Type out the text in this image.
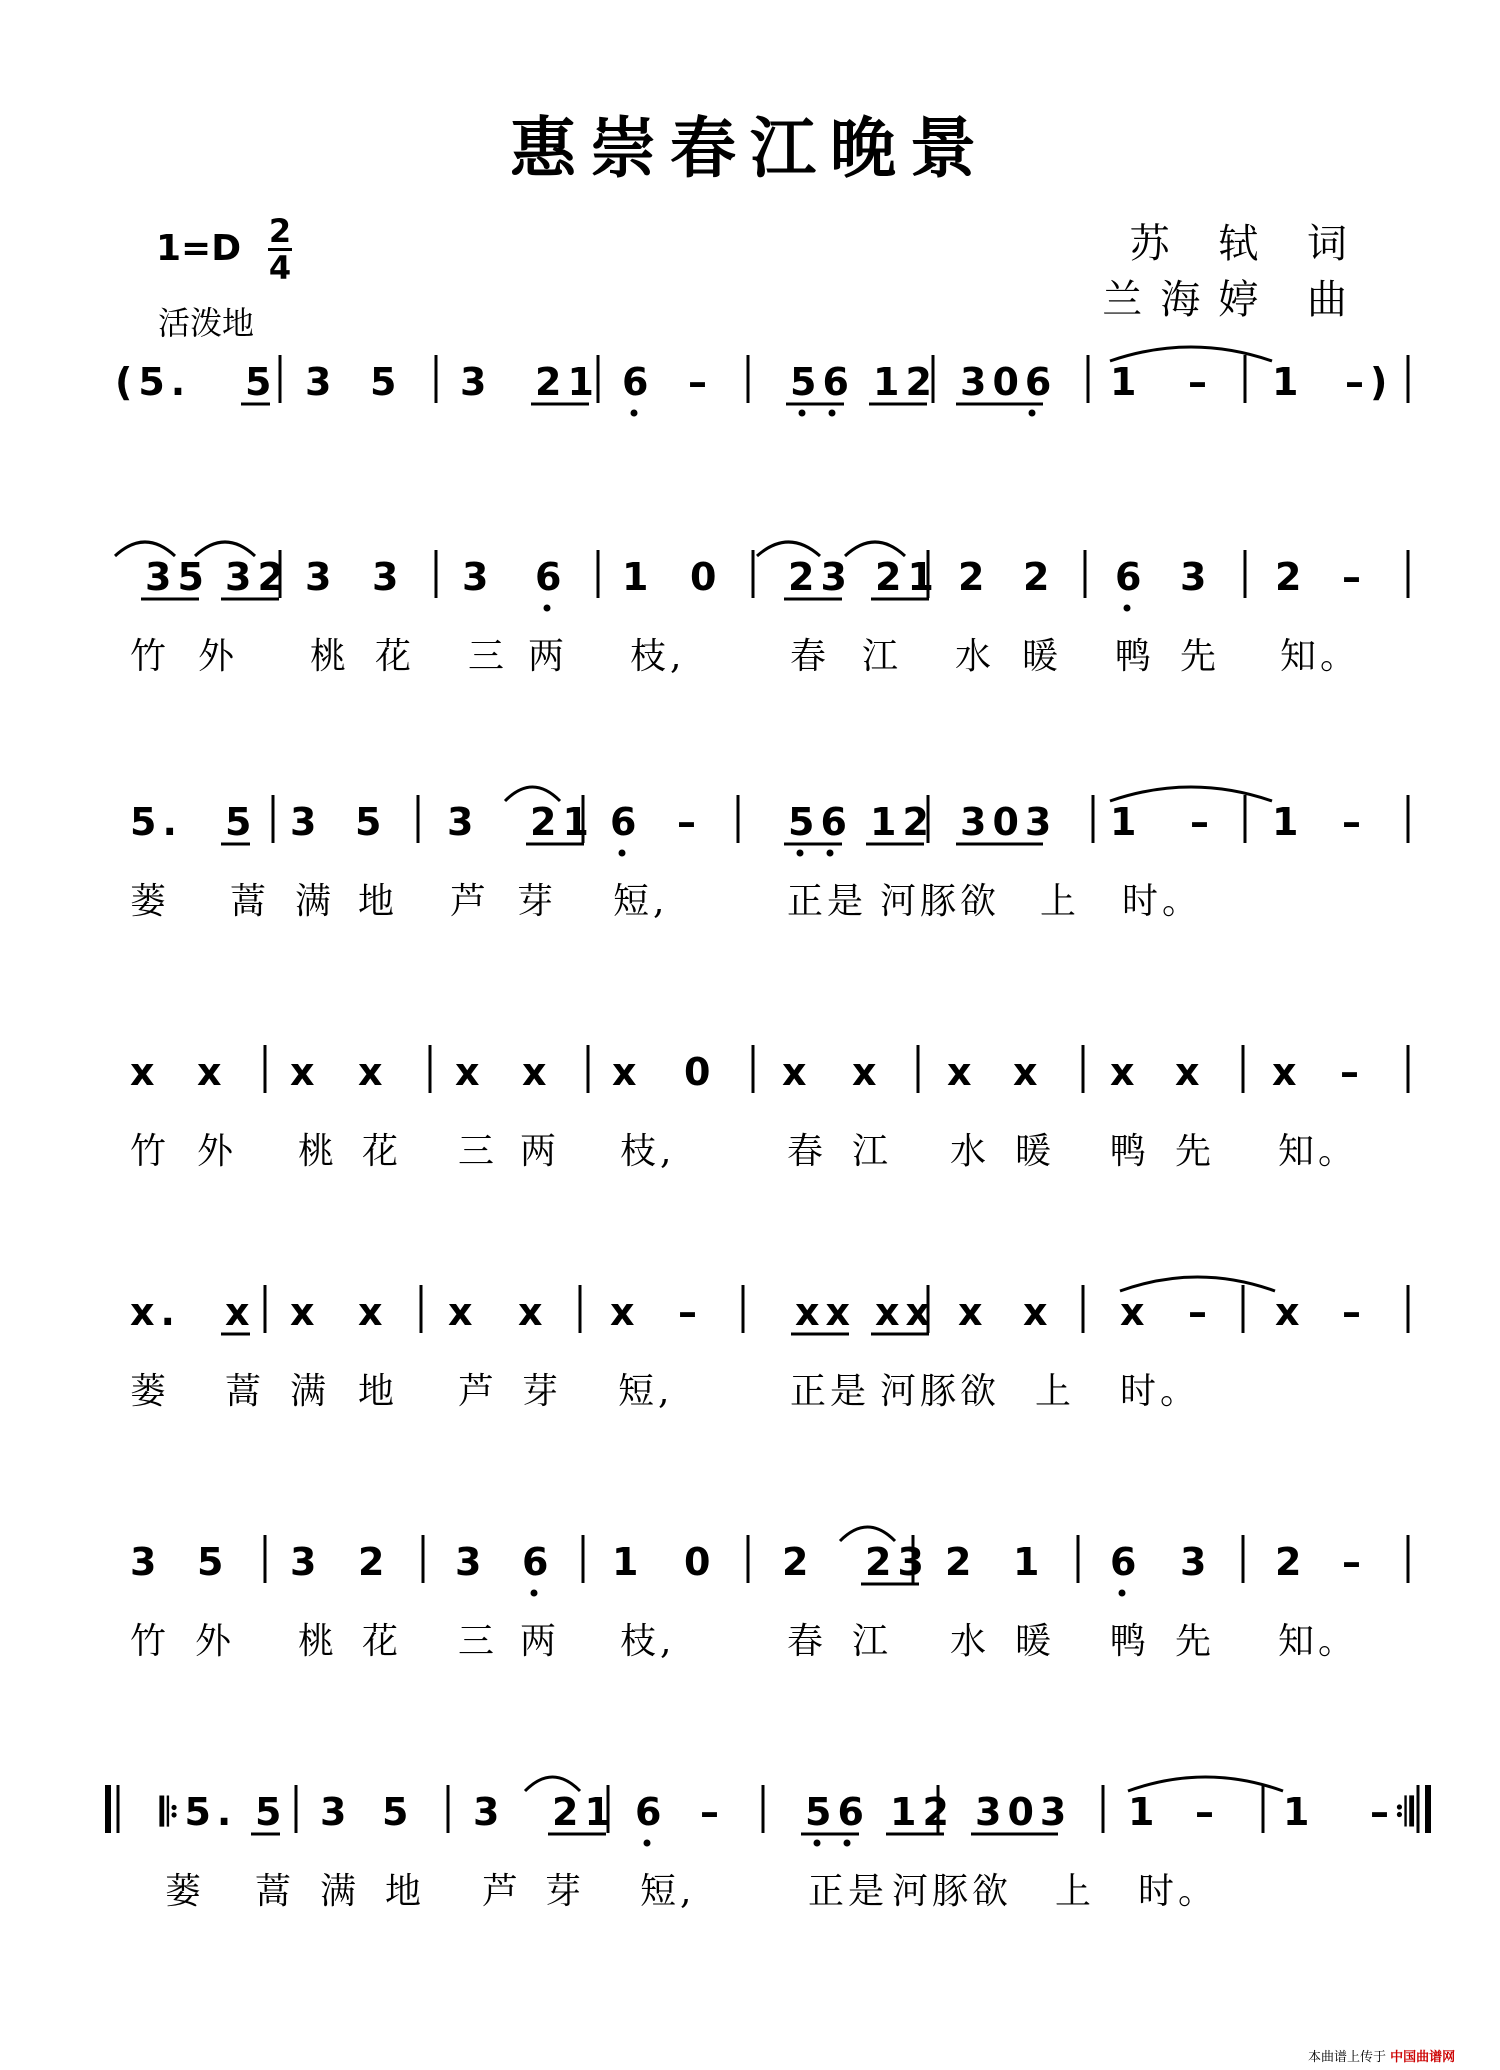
惠崇春江晚景
1=D 2
4
活泼地
苏 轼 词
兰海婷 曲
(5. 5 3 5 3 21 6 – 56 12 306 1 – 1 –)
35 32 3 3 3 6 1 0 23 21 2 2 6 3 2 –
竹 外 桃 花 三 两 枝,	春 江 水 暖 鸭 先 知。
5. 5 3 5 3 21 6 – 56 12 303 1 – 1 –
蒌 蒿 满 地 芦 芽 短,	正是 河豚 欲 上 时。
x x x x x x x 0 x x x x x x x –
竹 外 桃 花 三 两 枝,	春 江 水 暖 鸭 先 知。
x. x x x x x x – xx xx x x x – x –
蒌 蒿 满 地 芦 芽 短,	正是 河豚 欲 上 时。
3 5 3 2 3 6 1 0 2 23 2 1 6 3 2 –
竹 外 桃 花 三 两 枝,	春 江 水 暖 鸭 先 知。
𝄆5. 5 3 5 3 21 6 – 56 12 303 1 – 1 –𝄇
蒌 蒿 满 地 芦 芽 短,	正是 河豚 欲 上 时。
本曲谱上传于 中国曲谱网
